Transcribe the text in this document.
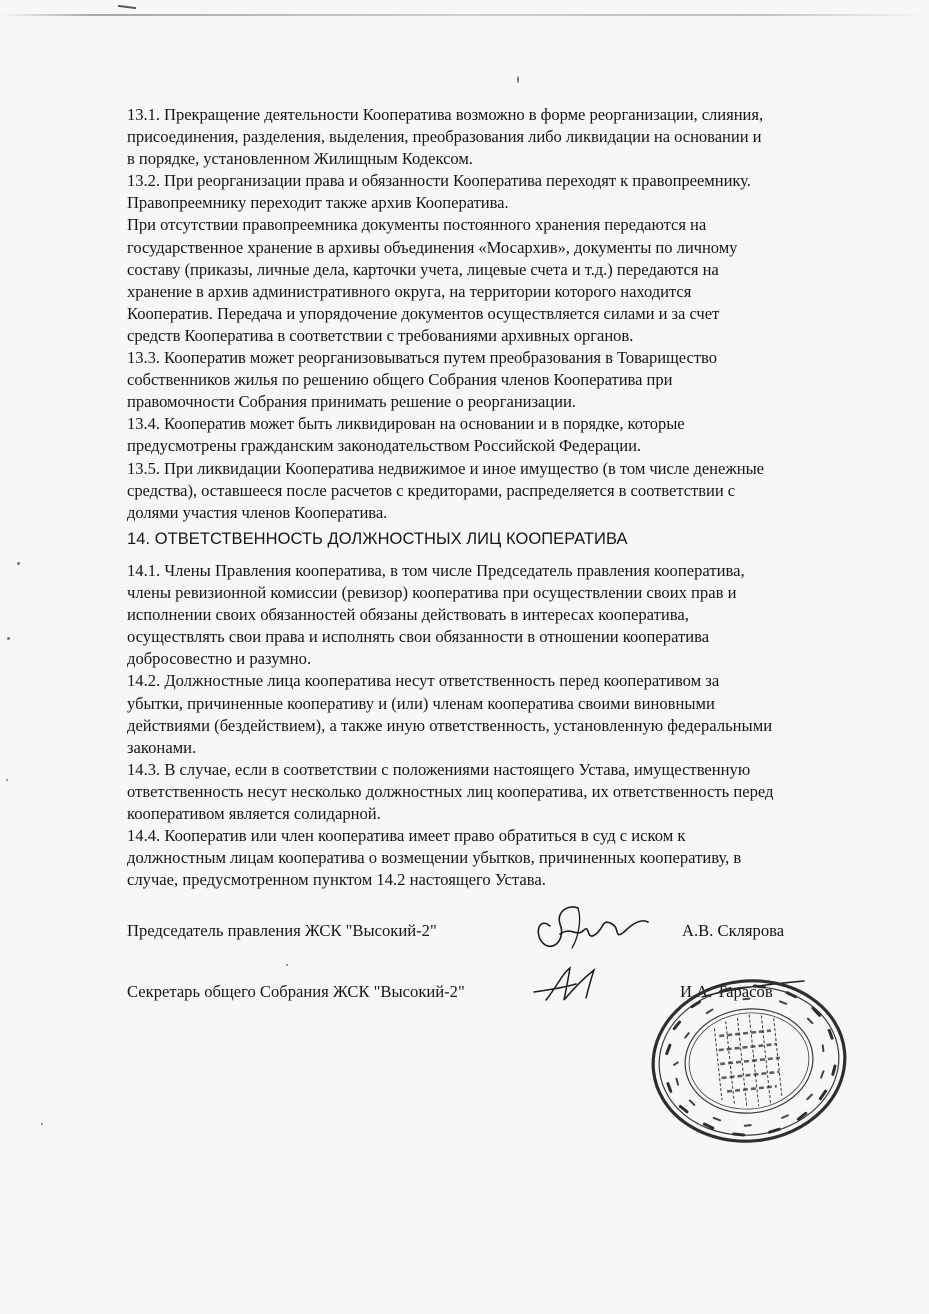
13.1. Прекращение деятельности Кооператива возможно в форме реорганизации, слияния,
присоединения, разделения, выделения, преобразования либо ликвидации на основании и
в порядке, установленном Жилищным Кодексом.
13.2. При реорганизации права и обязанности Кооператива переходят к правопреемнику.
Правопреемнику переходит также архив Кооператива.
При отсутствии правопреемника документы постоянного хранения передаются на
государственное хранение в архивы объединения «Мосархив», документы по личному
составу (приказы, личные дела, карточки учета, лицевые счета и т.д.) передаются на
хранение в архив административного округа, на территории которого находится
Кооператив. Передача и упорядочение документов осуществляется силами и за счет
средств Кооператива в соответствии с требованиями архивных органов.
13.3. Кооператив может реорганизовываться путем преобразования в Товарищество
собственников жилья по решению общего Собрания членов Кооператива при
правомочности Собрания принимать решение о реорганизации.
13.4. Кооператив может быть ликвидирован на основании и в порядке, которые
предусмотрены гражданским законодательством Российской Федерации.
13.5. При ликвидации Кооператива недвижимое и иное имущество (в том числе денежные
средства), оставшееся после расчетов с кредиторами, распределяется в соответствии с
долями участия членов Кооператива.
14. ОТВЕТСТВЕННОСТЬ ДОЛЖНОСТНЫХ ЛИЦ КООПЕРАТИВА
14.1. Члены Правления кооператива, в том числе Председатель правления кооператива,
члены ревизионной комиссии (ревизор) кооператива при осуществлении своих прав и
исполнении своих обязанностей обязаны действовать в интересах кооператива,
осуществлять свои права и исполнять свои обязанности в отношении кооператива
добросовестно и разумно.
14.2. Должностные лица кооператива несут ответственность перед кооперативом за
убытки, причиненные кооперативу и (или) членам кооператива своими виновными
действиями (бездействием), а также иную ответственность, установленную федеральными
законами.
14.3. В случае, если в соответствии с положениями настоящего Устава, имущественную
ответственность несут несколько должностных лиц кооператива, их ответственность перед
кооперативом является солидарной.
14.4. Кооператив или член кооператива имеет право обратиться в суд с иском к
должностным лицам кооператива о возмещении убытков, причиненных кооперативу, в
случае, предусмотренном пунктом 14.2 настоящего Устава.
Председатель правления ЖСК "Высокий-2"	А.В. Склярова
Секретарь общего Собрания ЖСК "Высокий-2"	И.А. Тарасов
